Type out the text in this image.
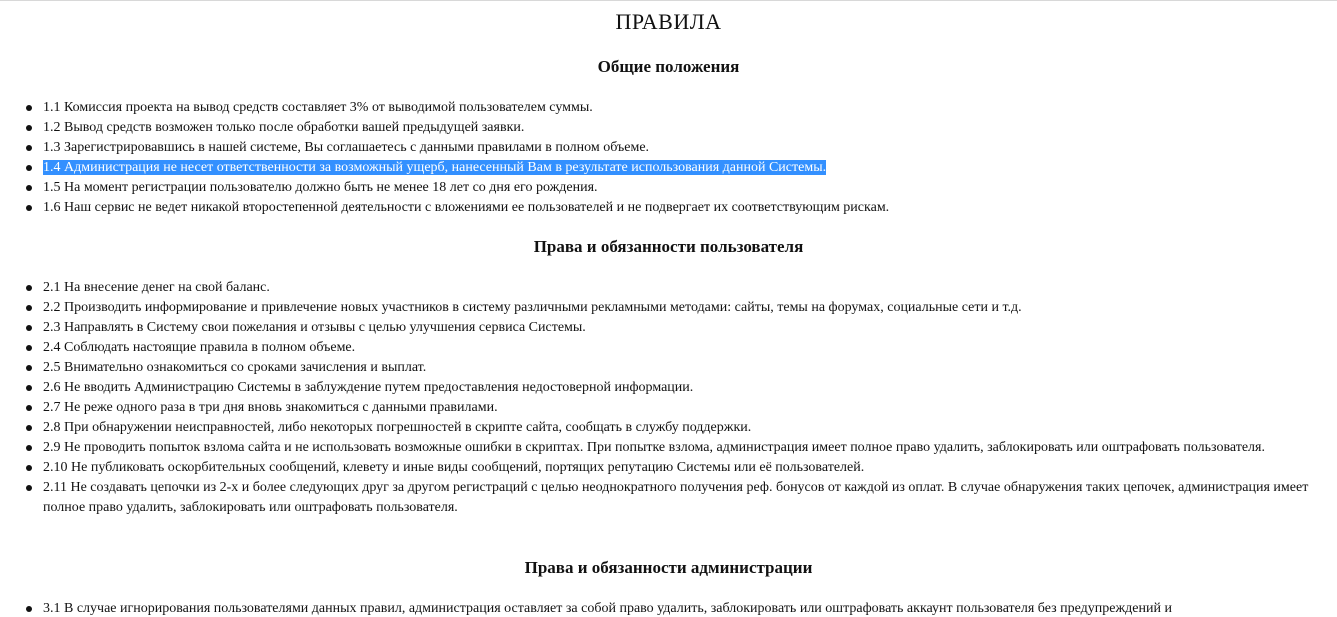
ПРАВИЛА
Общие положения
1.1 Комиссия проекта на вывод средств составляет 3% от выводимой пользователем суммы.
1.2 Вывод средств возможен только после обработки вашей предыдущей заявки.
1.3 Зарегистрировавшись в нашей системе, Вы соглашаетесь с данными правилами в полном объеме.
1.4 Администрация не несет ответственности за возможный ущерб, нанесенный Вам в результате использования данной Системы.
1.5 На момент регистрации пользователю должно быть не менее 18 лет со дня его рождения.
1.6 Наш сервис не ведет никакой второстепенной деятельности с вложениями ее пользователей и не подвергает их соответствующим рискам.
Права и обязанности пользователя
2.1 На внесение денег на свой баланс.
2.2 Производить информирование и привлечение новых участников в систему различными рекламными методами: сайты, темы на форумах, социальные сети и т.д.
2.3 Направлять в Систему свои пожелания и отзывы с целью улучшения сервиса Системы.
2.4 Соблюдать настоящие правила в полном объеме.
2.5 Внимательно ознакомиться со сроками зачисления и выплат.
2.6 Не вводить Администрацию Системы в заблуждение путем предоставления недостоверной информации.
2.7 Не реже одного раза в три дня вновь знакомиться с данными правилами.
2.8 При обнаружении неисправностей, либо некоторых погрешностей в скрипте сайта, сообщать в службу поддержки.
2.9 Не проводить попыток взлома сайта и не использовать возможные ошибки в скриптах. При попытке взлома, администрация имеет полное право удалить, заблокировать или оштрафовать пользователя.
2.10 Не публиковать оскорбительных сообщений, клевету и иные виды сообщений, портящих репутацию Системы или её пользователей.
2.11 Не создавать цепочки из 2-х и более следующих друг за другом регистраций с целью неоднократного получения реф. бонусов от каждой из оплат. В случае обнаружения таких цепочек, администрация имеет полное право удалить, заблокировать или оштрафовать пользователя.
Права и обязанности администрации
3.1 В случае игнорирования пользователями данных правил, администрация оставляет за собой право удалить, заблокировать или оштрафовать аккаунт пользователя без предупреждений и
